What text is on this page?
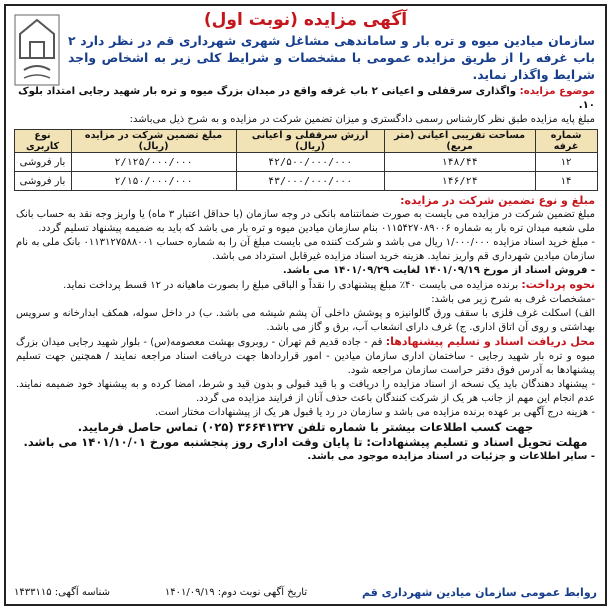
آگهی مزایده (نوبت اول)
سازمان میادین میوه و تره بار و ساماندهی مشاغل شهری شهرداری قم در نظر دارد ۲ باب غرفه را از طریق مزایده عمومی با مشخصات و شرایط کلی زیر به اشخاص واجد شرایط واگذار نماید.
موضوع مزایده: واگذاری سرقفلی و اعیانی ۲ باب غرفه واقع در میدان بزرگ میوه و تره بار شهید رجایی امتداد بلوک ۱۰.
مبلغ پایه مزایده طبق نظر کارشناس رسمی دادگستری و میزان تضمین شرکت در مزایده و به شرح ذیل می‌باشد:
شماره غرفه	مساحت تقریبی اعیانی (متر مربع)	ارزش سرقفلی و اعیانی (ریال)	مبلغ تضمین شرکت در مزایده (ریال)	نوع کاربری
۱۲	۱۴۸/۴۴	۴۲/۵۰۰/۰۰۰/۰۰۰	۲/۱۲۵/۰۰۰/۰۰۰	بار فروشی
۱۴	۱۴۶/۲۴	۴۳/۰۰۰/۰۰۰/۰۰۰	۲/۱۵۰/۰۰۰/۰۰۰	بار فروشی
مبلغ و نوع تضمین شرکت در مزایده:
مبلغ تضمین شرکت در مزایده می بایست به صورت ضمانتنامه بانکی در وجه سازمان (با حداقل اعتبار ۳ ماه) یا واریز وجه نقد به حساب بانک ملی شعبه میدان تره بار به شماره ۰۱۱۵۴۲۷۰۸۹۰۰۶ بنام سازمان میادین میوه و تره بار می باشد که باید به ضمیمه پیشنهاد تسلیم گردد.
- مبلغ خرید اسناد مزایده ۱/۰۰۰/۰۰۰ ریال می باشد و شرکت کننده می بایست مبلغ آن را به شماره حساب ۰۱۱۳۱۲۷۵۸۸۰۰۱ بانک ملی به نام سازمان میادین شهرداری قم واریز نماید. هزینه خرید اسناد مزایده غیرقابل استرداد می باشد.
- فروش اسناد از مورخ ۱۴۰۱/۰۹/۱۹ لغایت ۱۴۰۱/۰۹/۲۹ می باشد.
نحوه پرداخت: برنده مزایده می بایست ۴۰٪ مبلغ پیشنهادی را نقداً و الباقی مبلغ را بصورت ماهیانه در ۱۲ قسط پرداخت نماید.
-مشخصات غرف به شرح زیر می باشد:
الف) اسکلت غرف فلزی با سقف ورق گالوانیزه و پوشش داخلی آن پشم شیشه می باشد. ب) در داخل سوله، همکف ابدارخانه و سرویس بهداشتی و روی آن اتاق اداری. ج) غرف دارای انشعاب آب، برق و گاز می باشد.
محل دریافت اسناد و تسلیم پیشنهادها: قم - جاده قدیم قم تهران - روبروی بهشت معصومه(س) - بلوار شهید رجایی میدان بزرگ میوه و تره بار شهید رجایی - ساختمان اداری سازمان میادین - امور قراردادها جهت دریافت اسناد مراجعه نمایند / همچنین جهت تسلیم پیشنهادها به آدرس فوق دفتر حراست سازمان مراجعه شود.
- پیشنهاد دهندگان باید یک نسخه از اسناد مزایده را دریافت و با قید قبولی و بدون قید و شرط، امضا کرده و به پیشنهاد خود ضمیمه نمایند. عدم انجام این مهم از جانب هر یک از شرکت کنندگان باعث حذف آنان از فرایند مزایده می گردد.
- هزینه درج آگهی بر عهده برنده مزایده می باشد و سازمان در رد یا قبول هر یک از پیشنهادات مختار است.
جهت کسب اطلاعات بیشتر با شماره تلفن ۳۶۶۴۱۳۲۷ (۰۲۵) تماس حاصل فرمایید.
مهلت تحویل اسناد و تسلیم پیشنهادات: تا پایان وقت اداری روز پنجشنبه مورخ ۱۴۰۱/۱۰/۰۱ می باشد.
- سایر اطلاعات و جزئیات در اسناد مزایده موجود می باشد.
روابط عمومی سازمان میادین شهرداری قم
تاریخ آگهی نوبت دوم: ۱۴۰۱/۰۹/۱۹
شناسه آگهی: ۱۴۳۳۱۱۵
